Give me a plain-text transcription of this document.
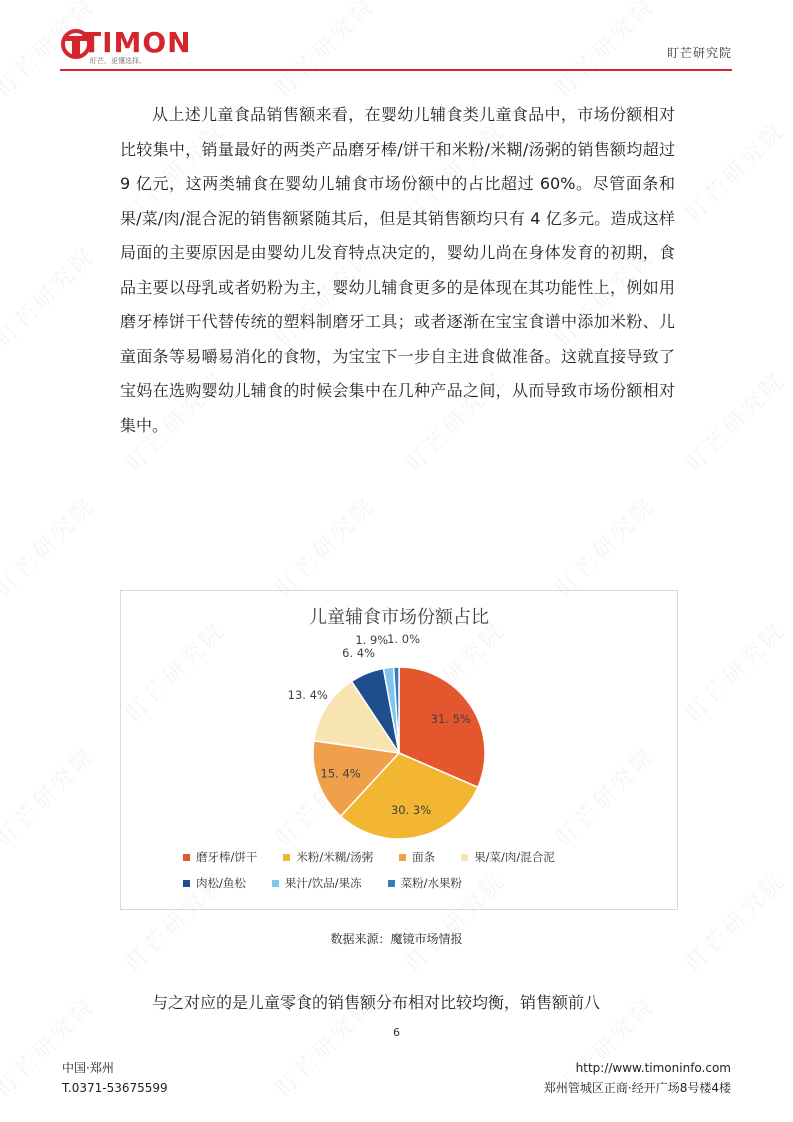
TIMON
盯芒，更懂选择。
盯芒研究院

从上述儿童食品销售额来看，在婴幼儿辅食类儿童食品中，市场份额相对比较集中，销量最好的两类产品磨牙棒/饼干和米粉/米糊/汤粥的销售额均超过 9 亿元，这两类辅食在婴幼儿辅食市场份额中的占比超过 60%。尽管面条和果/菜/肉/混合泥的销售额紧随其后，但是其销售额均只有 4 亿多元。造成这样局面的主要原因是由婴幼儿发育特点决定的，婴幼儿尚在身体发育的初期，食品主要以母乳或者奶粉为主，婴幼儿辅食更多的是体现在其功能性上，例如用磨牙棒饼干代替传统的塑料制磨牙工具；或者逐渐在宝宝食谱中添加米粉、儿童面条等易嚼易消化的食物，为宝宝下一步自主进食做准备。这就直接导致了宝妈在选购婴幼儿辅食的时候会集中在几种产品之间，从而导致市场份额相对集中。

儿童辅食市场份额占比
31. 5%
30. 3%
15. 4%
13. 4%
6. 4%
1. 9%
1. 0%
磨牙棒/饼干	米粉/米糊/汤粥	面条	果/菜/肉/混合泥
肉松/鱼松	果汁/饮品/果冻	菜粉/水果粉
数据来源：魔镜市场情报
与之对应的是儿童零食的销售额分布相对比较均衡，销售额前八
6
中国·郑州
T.0371-53675599
http://www.timoninfo.com
郑州管城区正商·经开广场8号楼4楼
